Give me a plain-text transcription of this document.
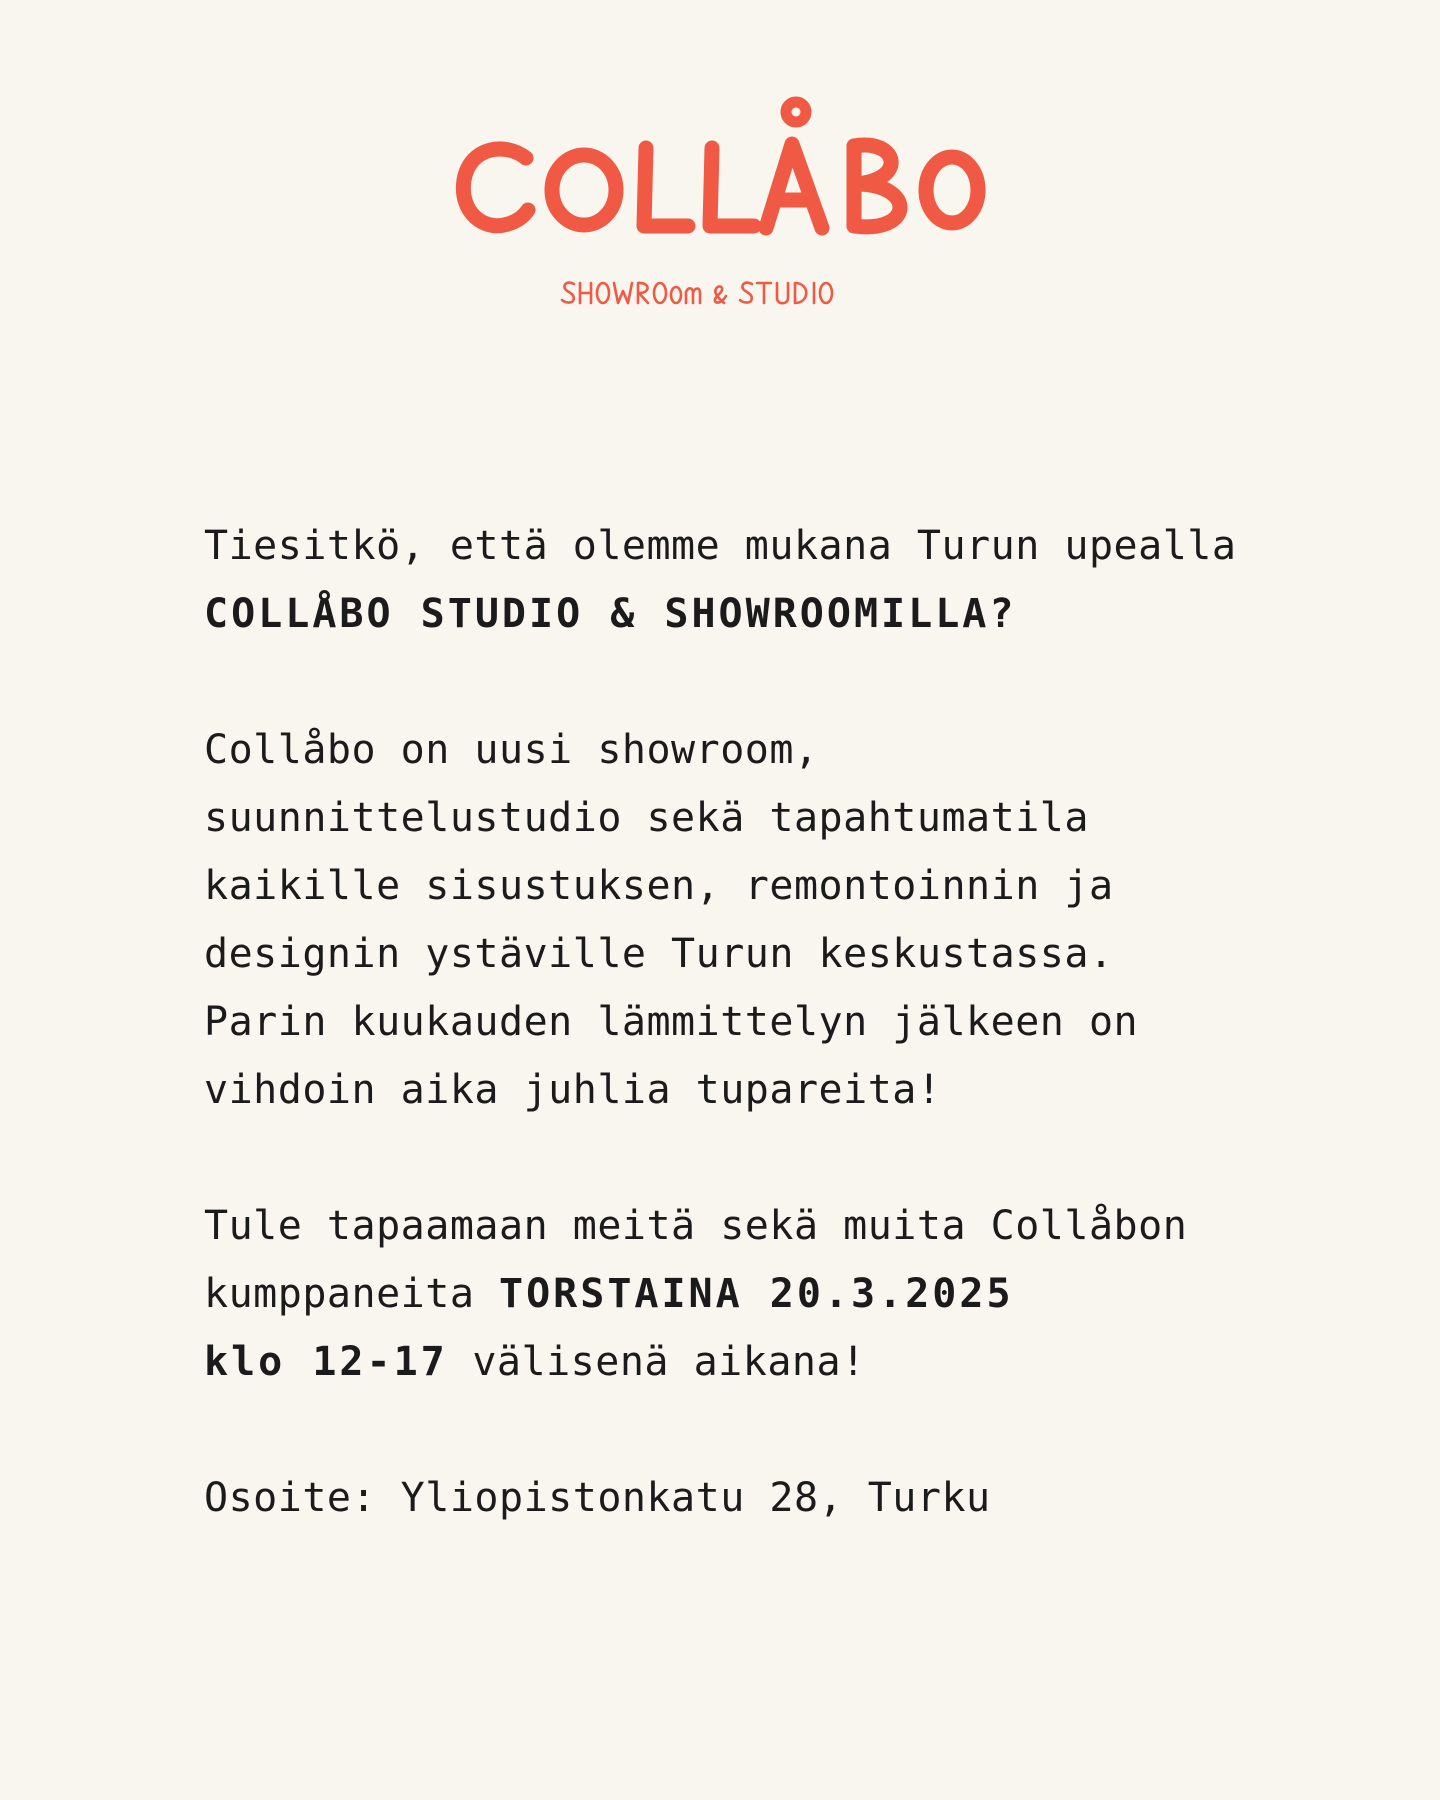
Tiesitkö, että olemme mukana Turun upealla
COLLÅBO STUDIO & SHOWROOMILLA?
Collåbo on uusi showroom,
suunnittelustudio sekä tapahtumatila
kaikille sisustuksen, remontoinnin ja
designin ystäville Turun keskustassa.
Parin kuukauden lämmittelyn jälkeen on
vihdoin aika juhlia tupareita!
Tule tapaamaan meitä sekä muita Collåbon
kumppaneita TORSTAINA 20.3.2025
klo 12-17 välisenä aikana!
Osoite: Yliopistonkatu 28, Turku
